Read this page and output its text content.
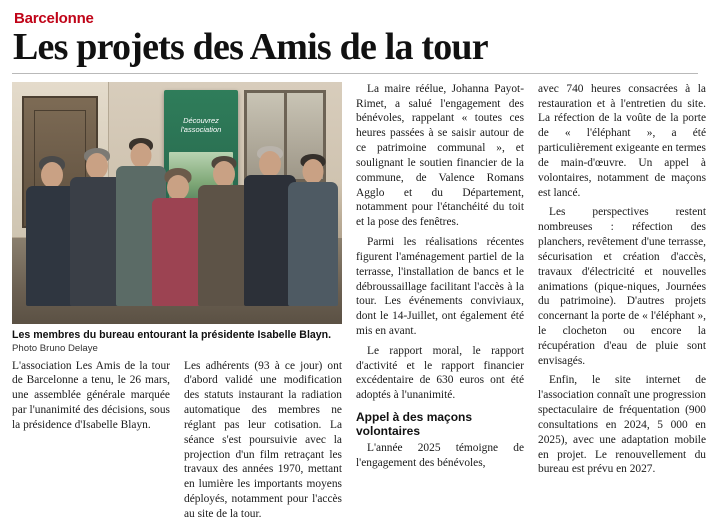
Barcelonne
Les projets des Amis de la tour
Découvrez l'association

Les membres du bureau entourant la présidente Isabelle Blayn. Photo Bruno Delaye

L'association Les Amis de la tour de Barcelonne a tenu, le 26 mars, une assemblée générale marquée par l'unanimité des décisions, sous la présidence d'Isabelle Blayn.

Les adhérents (93 à ce jour) ont d'abord validé une modification des statuts instaurant la radiation automatique des membres ne réglant pas leur cotisation. La séance s'est poursuivie avec la projection d'un film retraçant les travaux des années 1970, mettant en lumière les importants moyens déployés, notamment pour l'accès au site de la tour.

La maire réélue, Johanna Payot-Rimet, a salué l'engagement des bénévoles, rappelant « toutes ces heures passées à se saisir autour de ce patrimoine communal », et soulignant le soutien financier de la commune, de Valence Romans Agglo et du Département, notamment pour l'étanchéité du toit et la pose des fenêtres.

Parmi les réalisations récentes figurent l'aménagement partiel de la terrasse, l'installation de bancs et le débroussaillage facilitant l'accès à la tour. Les événements conviviaux, dont le 14-Juillet, ont également été mis en avant.

Le rapport moral, le rapport d'activité et le rapport financier excédentaire de 630 euros ont été adoptés à l'unanimité.

Appel à des maçons volontaires

L'année 2025 témoigne de l'engagement des bénévoles,

avec 740 heures consacrées à la restauration et à l'entretien du site. La réfection de la voûte de la porte de « l'éléphant », a été particulièrement exigeante en termes de main-d'œuvre. Un appel à volontaires, notamment de maçons est lancé.

Les perspectives restent nombreuses : réfection des planchers, revêtement d'une terrasse, sécurisation et création d'accès, travaux d'électricité et nouvelles animations (pique-niques, Journées du patrimoine). D'autres projets concernant la porte de « l'éléphant », le clocheton ou encore la récupération d'eau de pluie sont envisagés.

Enfin, le site internet de l'association connaît une progression spectaculaire de fréquentation (900 consultations en 2024, 5 000 en 2025), avec une adaptation mobile en projet. Le renouvellement du bureau est prévu en 2027.
